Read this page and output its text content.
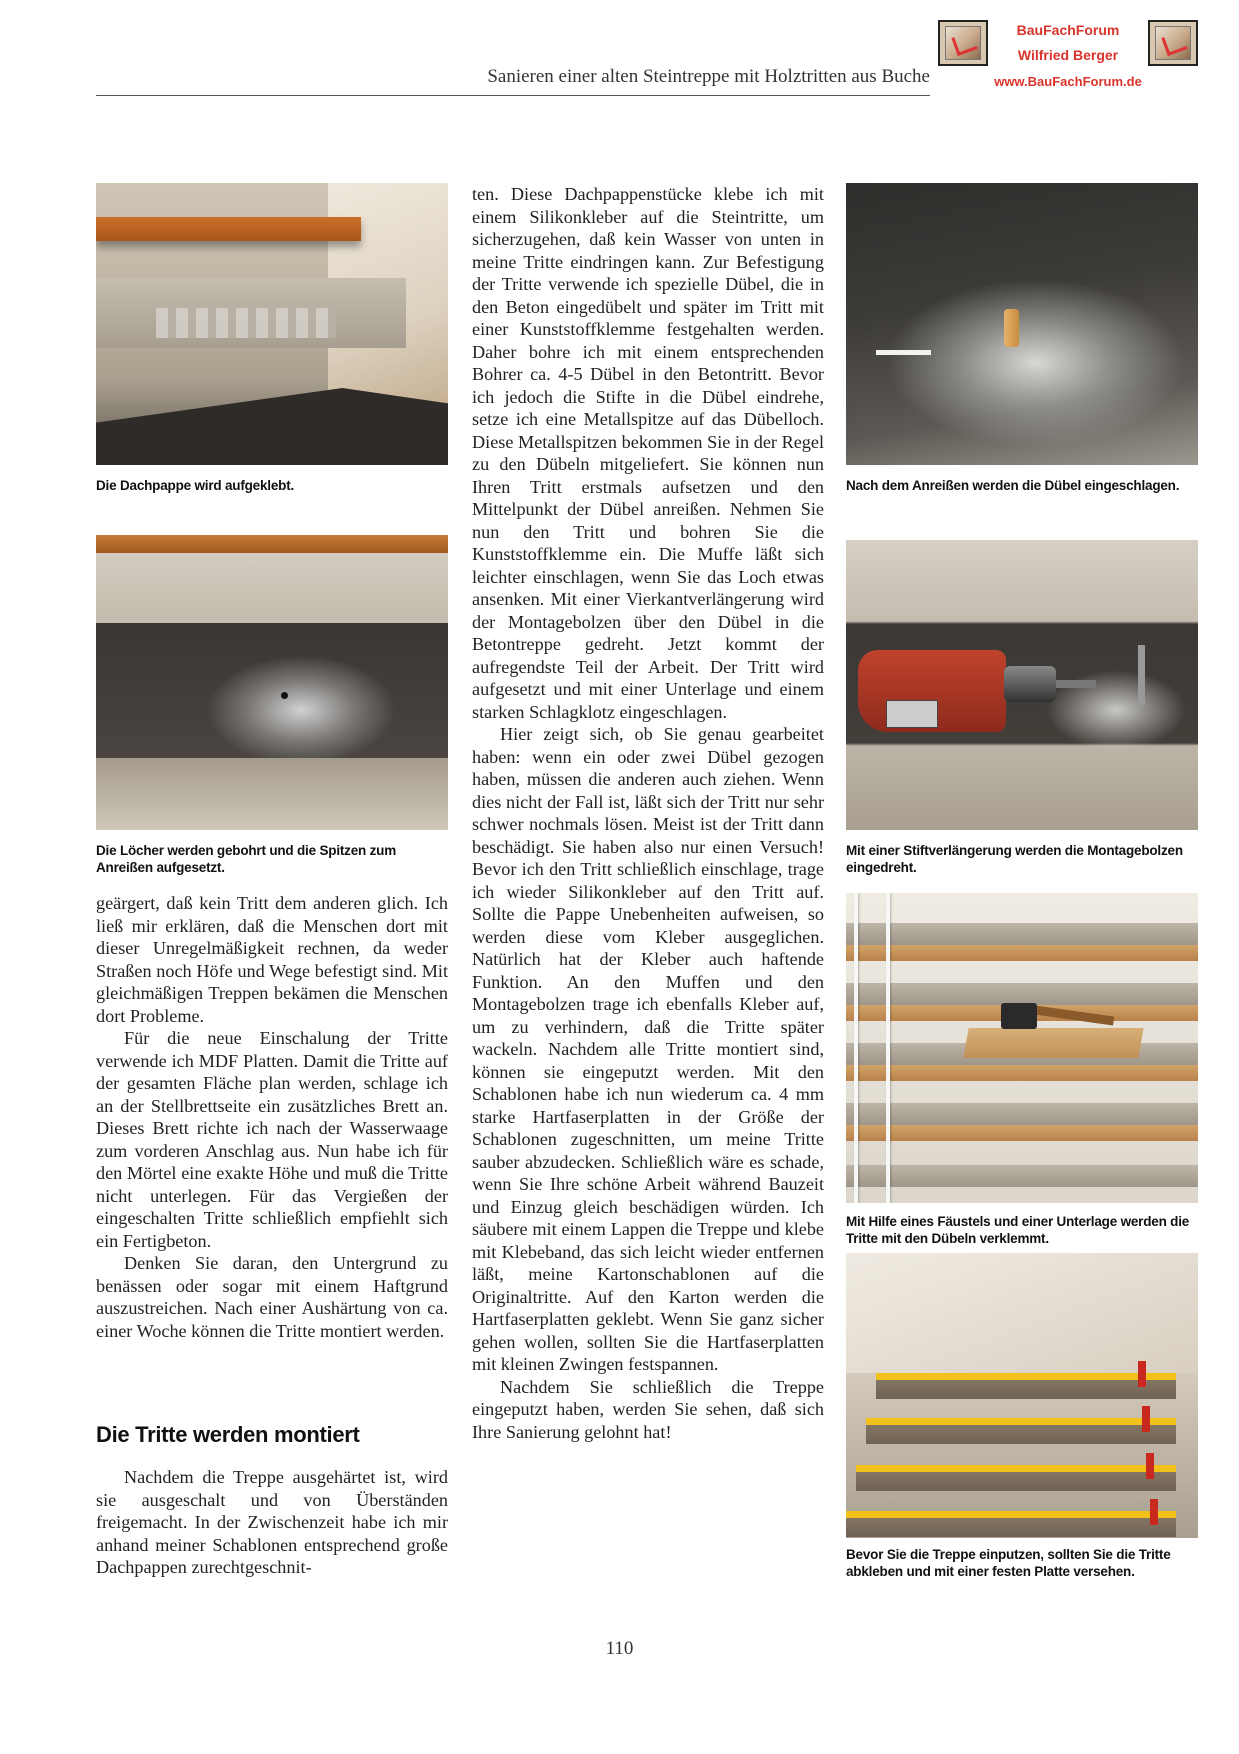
Sanieren einer alten Steintreppe mit Holztritten aus Buche
BauFachForum
Wilfried Berger
www.BauFachForum.de
Die Dachpappe wird aufgeklebt.
Die Löcher werden gebohrt und die Spitzen zum Anreißen aufgesetzt.
Nach dem Anreißen werden die Dübel eingeschlagen.
Mit einer Stiftverlängerung werden die Montagebolzen eingedreht.
Mit Hilfe eines Fäustels und einer Unterlage werden die Tritte mit den Dübeln verklemmt.
Bevor Sie die Treppe einputzen, sollten Sie die Tritte abkleben und mit einer festen Platte versehen.

geärgert, daß kein Tritt dem anderen glich. Ich ließ mir erklären, daß die Menschen dort mit dieser Unregelmäßigkeit rechnen, da weder Straßen noch Höfe und Wege befestigt sind. Mit gleichmäßigen Treppen bekämen die Menschen dort Probleme.

Für die neue Einschalung der Tritte verwende ich MDF Platten. Damit die Tritte auf der gesamten Fläche plan werden, schlage ich an der Stellbrettseite ein zusätzliches Brett an. Dieses Brett richte ich nach der Wasserwaage zum vorderen Anschlag aus. Nun habe ich für den Mörtel eine exakte Höhe und muß die Tritte nicht unterlegen. Für das Vergießen der eingeschalten Tritte schließlich empfiehlt sich ein Fertigbeton.

Denken Sie daran, den Untergrund zu benässen oder sogar mit einem Haftgrund auszustreichen. Nach einer Aushärtung von ca. einer Woche können die Tritte montiert werden.

Die Tritte werden montiert

Nachdem die Treppe ausgehärtet ist, wird sie ausgeschalt und von Überständen freigemacht. In der Zwischenzeit habe ich mir anhand meiner Schablonen entsprechend große Dachpappen zurechtgeschnit-

ten. Diese Dachpappenstücke klebe ich mit einem Silikonkleber auf die Steintritte, um sicherzugehen, daß kein Wasser von unten in meine Tritte eindringen kann. Zur Befestigung der Tritte verwende ich spezielle Dübel, die in den Beton eingedübelt und später im Tritt mit einer Kunststoffklemme festgehalten werden. Daher bohre ich mit einem entsprechenden Bohrer ca. 4-5 Dübel in den Betontritt. Bevor ich jedoch die Stifte in die Dübel eindrehe, setze ich eine Metallspitze auf das Dübelloch. Diese Metallspitzen bekommen Sie in der Regel zu den Dübeln mitgeliefert. Sie können nun Ihren Tritt erstmals aufsetzen und den Mittelpunkt der Dübel anreißen. Nehmen Sie nun den Tritt und bohren Sie die Kunststoffklemme ein. Die Muffe läßt sich leichter einschlagen, wenn Sie das Loch etwas ansenken. Mit einer Vierkantverlängerung wird der Montagebolzen über den Dübel in die Betontreppe gedreht. Jetzt kommt der aufregendste Teil der Arbeit. Der Tritt wird aufgesetzt und mit einer Unterlage und einem starken Schlagklotz eingeschlagen.

Hier zeigt sich, ob Sie genau gearbeitet haben: wenn ein oder zwei Dübel gezogen haben, müssen die anderen auch ziehen. Wenn dies nicht der Fall ist, läßt sich der Tritt nur sehr schwer nochmals lösen. Meist ist der Tritt dann beschädigt. Sie haben also nur einen Versuch! Bevor ich den Tritt schließlich einschlage, trage ich wieder Silikonkleber auf den Tritt auf. Sollte die Pappe Unebenheiten aufweisen, so werden diese vom Kleber ausgeglichen. Natürlich hat der Kleber auch haftende Funktion. An den Muffen und den Montagebolzen trage ich ebenfalls Kleber auf, um zu verhindern, daß die Tritte später wackeln. Nachdem alle Tritte montiert sind, können sie eingeputzt werden. Mit den Schablonen habe ich nun wiederum ca. 4 mm starke Hartfaserplatten in der Größe der Schablonen zugeschnitten, um meine Tritte sauber abzudecken. Schließlich wäre es schade, wenn Sie Ihre schöne Arbeit während Bauzeit und Einzug gleich beschädigen würden. Ich säubere mit einem Lappen die Treppe und klebe mit Klebeband, das sich leicht wieder entfernen läßt, meine Kartonschablonen auf die Originaltritte. Auf den Karton werden die Hartfaserplatten geklebt. Wenn Sie ganz sicher gehen wollen, sollten Sie die Hartfaserplatten mit kleinen Zwingen festspannen.

Nachdem Sie schließlich die Treppe eingeputzt haben, werden Sie sehen, daß sich Ihre Sanierung gelohnt hat!

110
